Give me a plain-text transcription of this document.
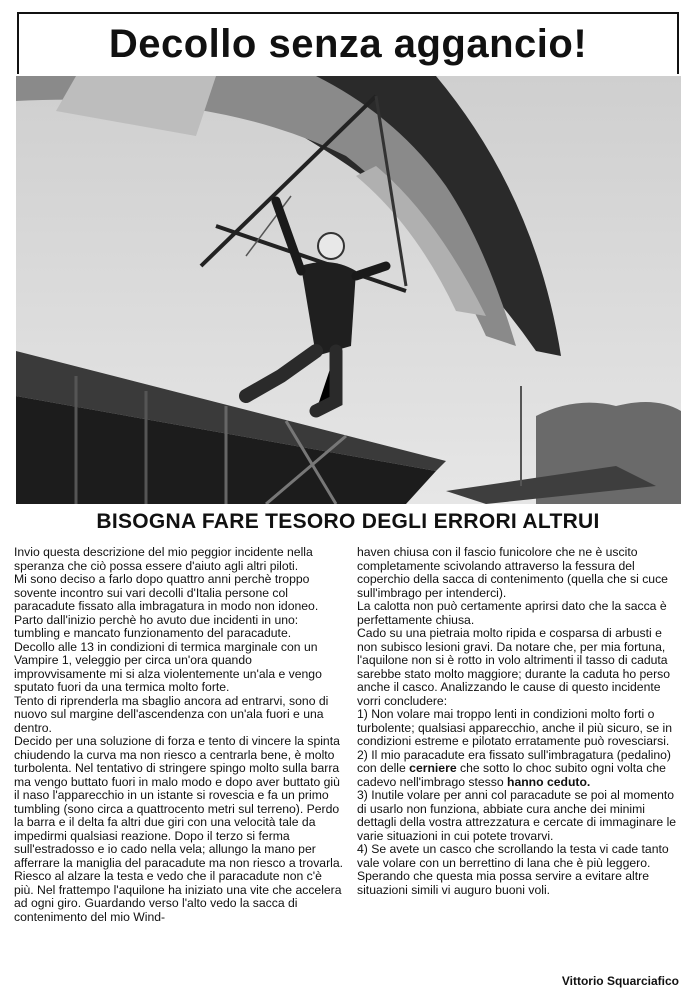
Decollo senza aggancio!
BISOGNA FARE TESORO DEGLI ERRORI ALTRUI

Invio questa descrizione del mio peggior incidente nella speranza che ciò possa essere d'aiuto agli altri piloti.

Mi sono deciso a farlo dopo quattro anni perchè troppo sovente incontro sui vari decolli d'Italia persone col paracadute fissato alla imbragatura in modo non idoneo.

Parto dall'inizio perchè ho avuto due incidenti in uno: tumbling e mancato funzionamento del paracadute.

Decollo alle 13 in condizioni di termica marginale con un Vampire 1, veleggio per circa un'ora quando improvvisamente mi si alza violentemente un'ala e vengo sputato fuori da una termica molto forte.

Tento di riprenderla ma sbaglio ancora ad entrarvi, sono di nuovo sul margine dell'ascendenza con un'ala fuori e una dentro.

Decido per una soluzione di forza e tento di vincere la spinta chiudendo la curva ma non riesco a centrarla bene, è molto turbolenta. Nel tentativo di stringere spingo molto sulla barra ma vengo buttato fuori in malo modo e dopo aver buttato giù il naso l'apparecchio in un istante si rovescia e fa un primo tumbling (sono circa a quattrocento metri sul terreno). Perdo la barra e il delta fa altri due giri con una velocità tale da impedirmi qualsiasi reazione. Dopo il terzo si ferma sull'estradosso e io cado nella vela; allungo la mano per afferrare la maniglia del paracadute ma non riesco a trovarla.

Riesco al alzare la testa e vedo che il paracadute non c'è più. Nel frattempo l'aquilone ha iniziato una vite che accelera ad ogni giro. Guardando verso l'alto vedo la sacca di contenimento del mio Wind-

haven chiusa con il fascio funicolore che ne è uscito completamente scivolando attraverso la fessura del coperchio della sacca di contenimento (quella che si cuce sull'imbrago per intenderci).

La calotta non può certamente aprirsi dato che la sacca è perfettamente chiusa.

Cado su una pietraia molto ripida e cosparsa di arbusti e non subisco lesioni gravi. Da notare che, per mia fortuna, l'aquilone non si è rotto in volo altrimenti il tasso di caduta sarebbe stato molto maggiore; durante la caduta ho perso anche il casco. Analizzando le cause di questo incidente vorri concludere:

1) Non volare mai troppo lenti in condizioni molto forti o turbolente; qualsiasi apparecchio, anche il più sicuro, se in condizioni estreme e pilotato erratamente può rovesciarsi.

2) Il mio paracadute era fissato sull'imbragatura (pedalino) con delle cerniere che sotto lo choc subito ogni volta che cadevo nell'imbrago stesso hanno ceduto.

3) Inutile volare per anni col paracadute se poi al momento di usarlo non funziona, abbiate cura anche dei minimi dettagli della vostra attrezzatura e cercate di immaginare le varie situazioni in cui potete trovarvi.

4) Se avete un casco che scrollando la testa vi cade tanto vale volare con un berrettino di lana che è più leggero.

Sperando che questa mia possa servire a evitare altre situazioni simili vi auguro buoni voli.

Vittorio Squarciafico
